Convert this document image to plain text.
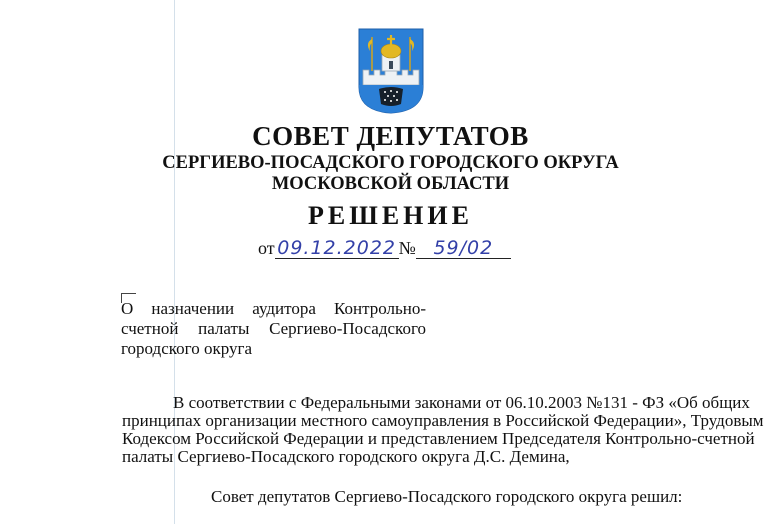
СОВЕТ ДЕПУТАТОВ
СЕРГИЕВО-ПОСАДСКОГО ГОРОДСКОГО ОКРУГА
МОСКОВСКОЙ ОБЛАСТИ
РЕШЕНИЕ
от 09.12.2022 № 59/02
О назначении аудитора Контрольно-
счетной палаты Сергиево-Посадского
городского округа
В соответствии с Федеральными законами от 06.10.2003 №131 - ФЗ «Об общих
принципах организации местного самоуправления в Российской Федерации», Трудовым
Кодексом Российской Федерации и представлением Председателя Контрольно-счетной
палаты Сергиево-Посадского городского округа Д.С. Демина,
Совет депутатов Сергиево-Посадского городского округа решил:
